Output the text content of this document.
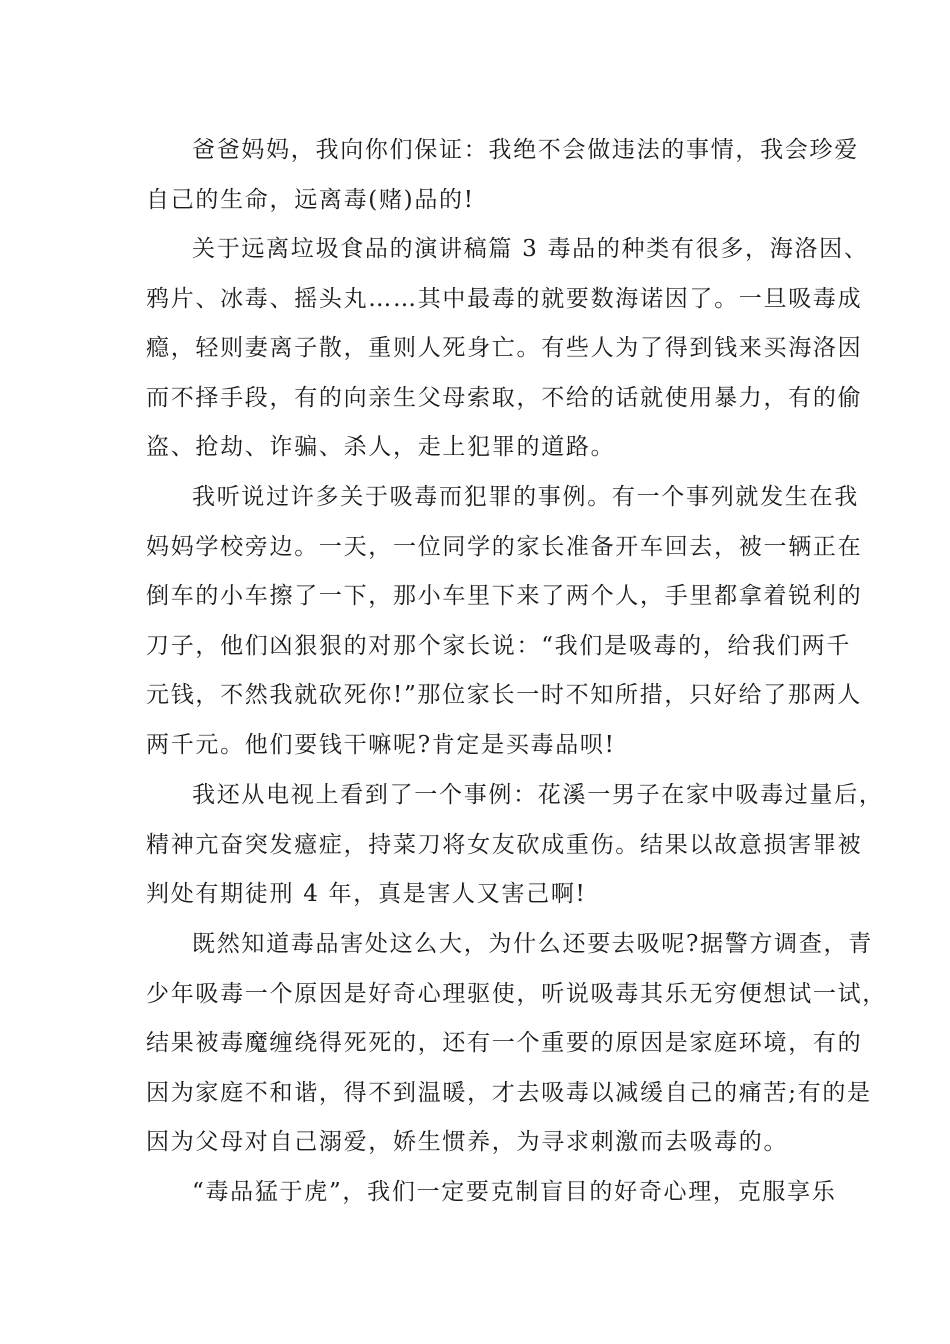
爸爸妈妈，我向你们保证：我绝不会做违法的事情，我会珍爱
自己的生命，远离毒(赌)品的!

关于远离垃圾食品的演讲稿篇 3 毒品的种类有很多，海洛因、
鸦片、冰毒、摇头丸……其中最毒的就要数海诺因了。一旦吸毒成
瘾，轻则妻离子散，重则人死身亡。有些人为了得到钱来买海洛因
而不择手段，有的向亲生父母索取，不给的话就使用暴力，有的偷
盗、抢劫、诈骗、杀人，走上犯罪的道路。

我听说过许多关于吸毒而犯罪的事例。有一个事列就发生在我
妈妈学校旁边。一天，一位同学的家长准备开车回去，被一辆正在
倒车的小车擦了一下，那小车里下来了两个人，手里都拿着锐利的
刀子，他们凶狠狠的对那个家长说：“我们是吸毒的，给我们两千
元钱，不然我就砍死你!”那位家长一时不知所措，只好给了那两人
两千元。他们要钱干嘛呢?肯定是买毒品呗!

我还从电视上看到了一个事例：花溪一男子在家中吸毒过量后，
精神亢奋突发癔症，持菜刀将女友砍成重伤。结果以故意损害罪被
判处有期徒刑 4 年，真是害人又害己啊!

既然知道毒品害处这么大，为什么还要去吸呢?据警方调查，青
少年吸毒一个原因是好奇心理驱使，听说吸毒其乐无穷便想试一试，
结果被毒魔缠绕得死死的，还有一个重要的原因是家庭环境，有的
因为家庭不和谐，得不到温暖，才去吸毒以减缓自己的痛苦;有的是
因为父母对自己溺爱，娇生惯养，为寻求刺激而去吸毒的。

“毒品猛于虎”，我们一定要克制盲目的好奇心理，克服享乐
